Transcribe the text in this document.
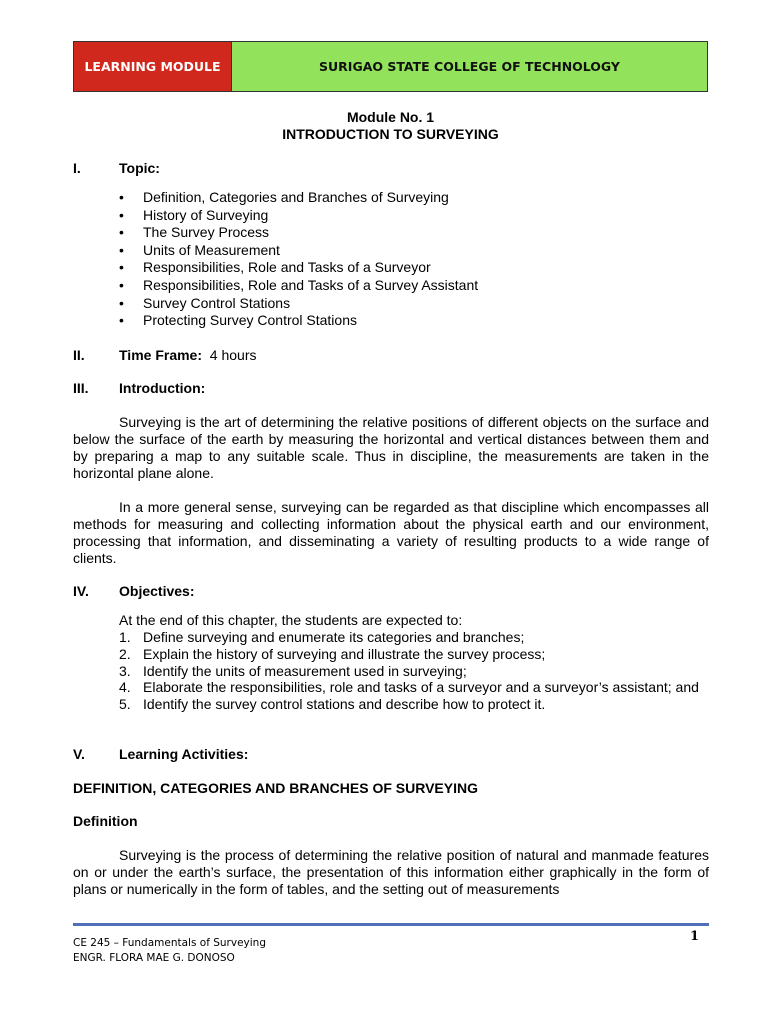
LEARNING MODULE	SURIGAO STATE COLLEGE OF TECHNOLOGY
Module No. 1
INTRODUCTION TO SURVEYING
I.	Topic:
• Definition, Categories and Branches of Surveying
• History of Surveying
• The Survey Process
• Units of Measurement
• Responsibilities, Role and Tasks of a Surveyor
• Responsibilities, Role and Tasks of a Survey Assistant
• Survey Control Stations
• Protecting Survey Control Stations
II. Time Frame: 4 hours
III. Introduction:

Surveying is the art of determining the relative positions of different objects on the surface and below the surface of the earth by measuring the horizontal and vertical distances between them and by preparing a map to any suitable scale. Thus in discipline, the measurements are taken in the horizontal plane alone.

In a more general sense, surveying can be regarded as that discipline which encompasses all methods for measuring and collecting information about the physical earth and our environment, processing that information, and disseminating a variety of resulting products to a wide range of clients.

IV. Objectives:
At the end of this chapter, the students are expected to:
1. Define surveying and enumerate its categories and branches;
2. Explain the history of surveying and illustrate the survey process;
3. Identify the units of measurement used in surveying;
4. Elaborate the responsibilities, role and tasks of a surveyor and a surveyor’s assistant; and
5. Identify the survey control stations and describe how to protect it.
V. Learning Activities:
DEFINITION, CATEGORIES AND BRANCHES OF SURVEYING
Definition

Surveying is the process of determining the relative position of natural and manmade features on or under the earth’s surface, the presentation of this information either graphically in the form of plans or numerically in the form of tables, and the setting out of measurements

CE 245 – Fundamentals of Surveying
ENGR. FLORA MAE G. DONOSO
1
